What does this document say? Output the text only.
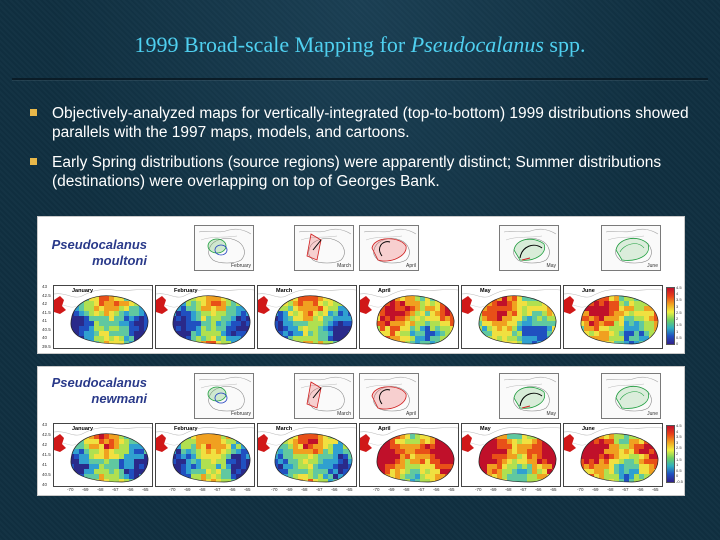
1999 Broad-scale Mapping for Pseudocalanus spp.
Objectively-analyzed maps for vertically-integrated (top-to-bottom) 1999 distributions showed parallels with the 1997 maps, models, and cartoons.
Early Spring distributions (source regions) were apparently distinct; Summer distributions (destinations) were overlapping on top of Georges Bank.
Pseudocalanus
moultoni	February	March	April	May	June
January	February	March	April	May	June
43
42.5
42
41.5
41
40.5
40
39.5
4.5
4
3.5
3
2.5
2
1.5
1
0.5
0
Pseudocalanus
newmani
February	March	April	May	June
January	February	March	April	May	June
43
42.5
42
41.5
41
40.5
40
-70 -69 -68 -67 -66 -65	-70 -69 -68 -67 -66 -65	-70 -69 -68 -67 -66 -65	-70 -69 -68 -67 -66 -65	-70 -69 -68 -67 -66 -65	-70 -69 -68 -67 -66 -65
4.5
4
3.5
3
2.5
2
1.5
1
0.5
0
-0.5
